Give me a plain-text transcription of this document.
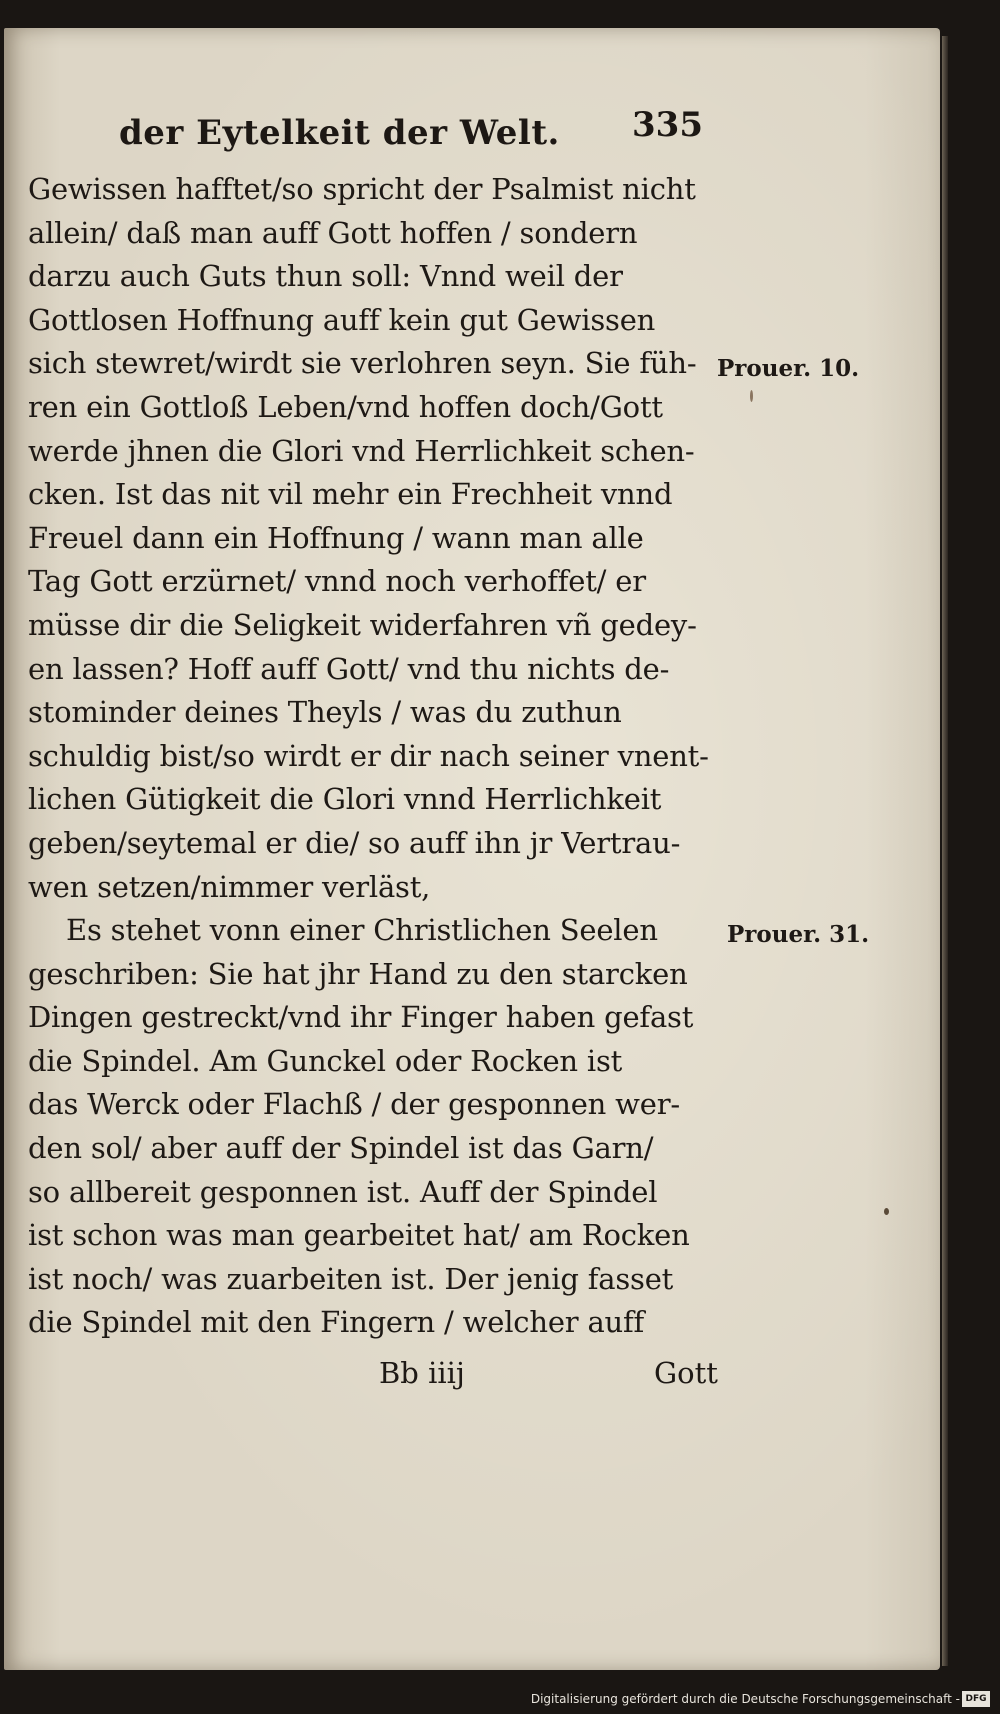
der Eytelkeit der Welt. 335
Gewissen hafftet/so spricht der Psalmist nicht
allein/ daß man auff Gott hoffen / sondern
darzu auch Guts thun soll: Vnnd weil der
Gottlosen Hoffnung auff kein gut Gewissen
sich stewret/wirdt sie verlohren seyn. Sie füh-
ren ein Gottloß Leben/vnd hoffen doch/Gott
werde jhnen die Glori vnd Herrlichkeit schen-
cken. Ist das nit vil mehr ein Frechheit vnnd
Freuel dann ein Hoffnung / wann man alle
Tag Gott erzürnet/ vnnd noch verhoffet/ er
müsse dir die Seligkeit widerfahren vñ gedey-
en lassen? Hoff auff Gott/ vnd thu nichts de-
stominder deines Theyls / was du zuthun
schuldig bist/so wirdt er dir nach seiner vnent-
lichen Gütigkeit die Glori vnnd Herrlichkeit
geben/seytemal er die/ so auff ihn jr Vertrau-
wen setzen/nimmer verläst,
Es stehet vonn einer Christlichen Seelen
geschriben: Sie hat jhr Hand zu den starcken
Dingen gestreckt/vnd ihr Finger haben gefast
die Spindel. Am Gunckel oder Rocken ist
das Werck oder Flachß / der gesponnen wer-
den sol/ aber auff der Spindel ist das Garn/
so allbereit gesponnen ist. Auff der Spindel
ist schon was man gearbeitet hat/ am Rocken
ist noch/ was zuarbeiten ist. Der jenig fasset
die Spindel mit den Fingern / welcher auff
Prouer. 10.
Prouer. 31.
Bb iiij	Gott
Digitalisierung gefördert durch die Deutsche Forschungsgemeinschaft - DFG
